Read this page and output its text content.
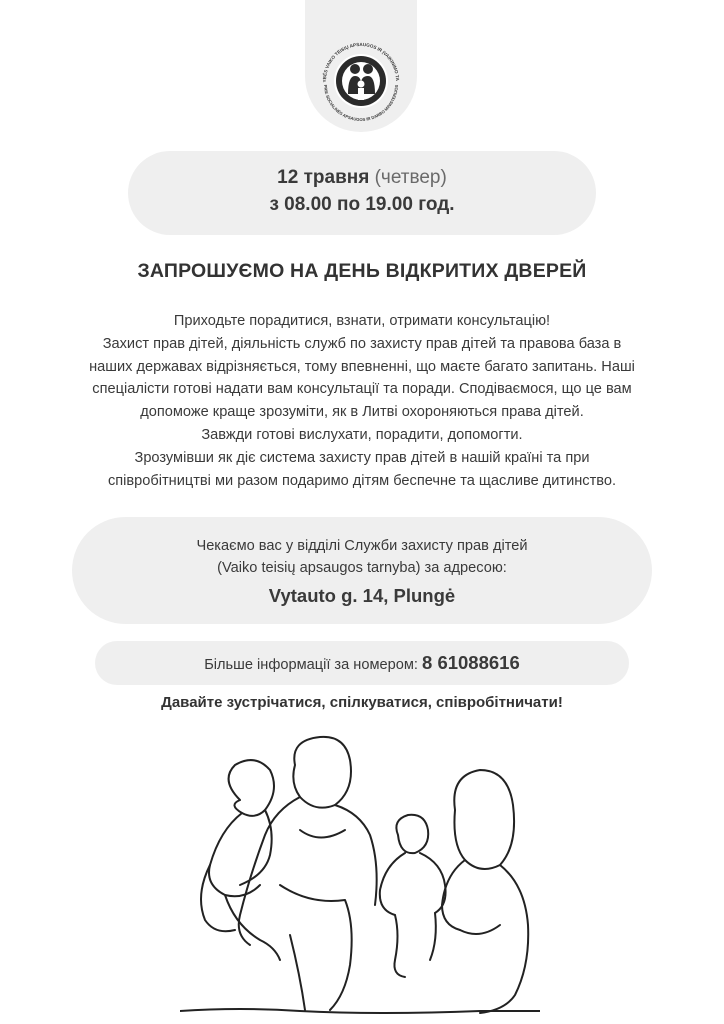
YBĖS VAIKO TEISIŲ APSAUGOS IR ĮVAIKINIMO TA
PRIE SOCIALINĖS APSAUGOS IR DARBO MINISTERIJOS
12 травня (четвер)
з 08.00 по 19.00 год.
ЗАПРОШУЄМО НА ДЕНЬ ВІДКРИТИХ ДВЕРЕЙ

Приходьте порадитися, взнати, отримати консультацію!

Захист прав дітей, діяльність служб по захисту прав дітей та правова база в

наших державах відрізняється, тому впевненні, що маєте багато запитань. Наші

спеціалісти готові надати вам консультації та поради. Сподіваємося, що це вам

допоможе краще зрозуміти, як в Литві охороняються права дітей.

Завжди готові вислухати, порадити, допомогти.

Зрозумівши як діє система захисту прав дітей в нашій країні та при

співробітництві ми разом подаримо дітям беспечне та щасливе дитинство.

Чекаємо вас у відділі Служби захисту прав дітей
(Vaiko teisių apsaugos tarnyba) за адресою:
Vytauto g. 14, Plungė
Більше інформації за номером: 8 61088616
Давайте зустрічатися, спілкуватися, співробітничати!
